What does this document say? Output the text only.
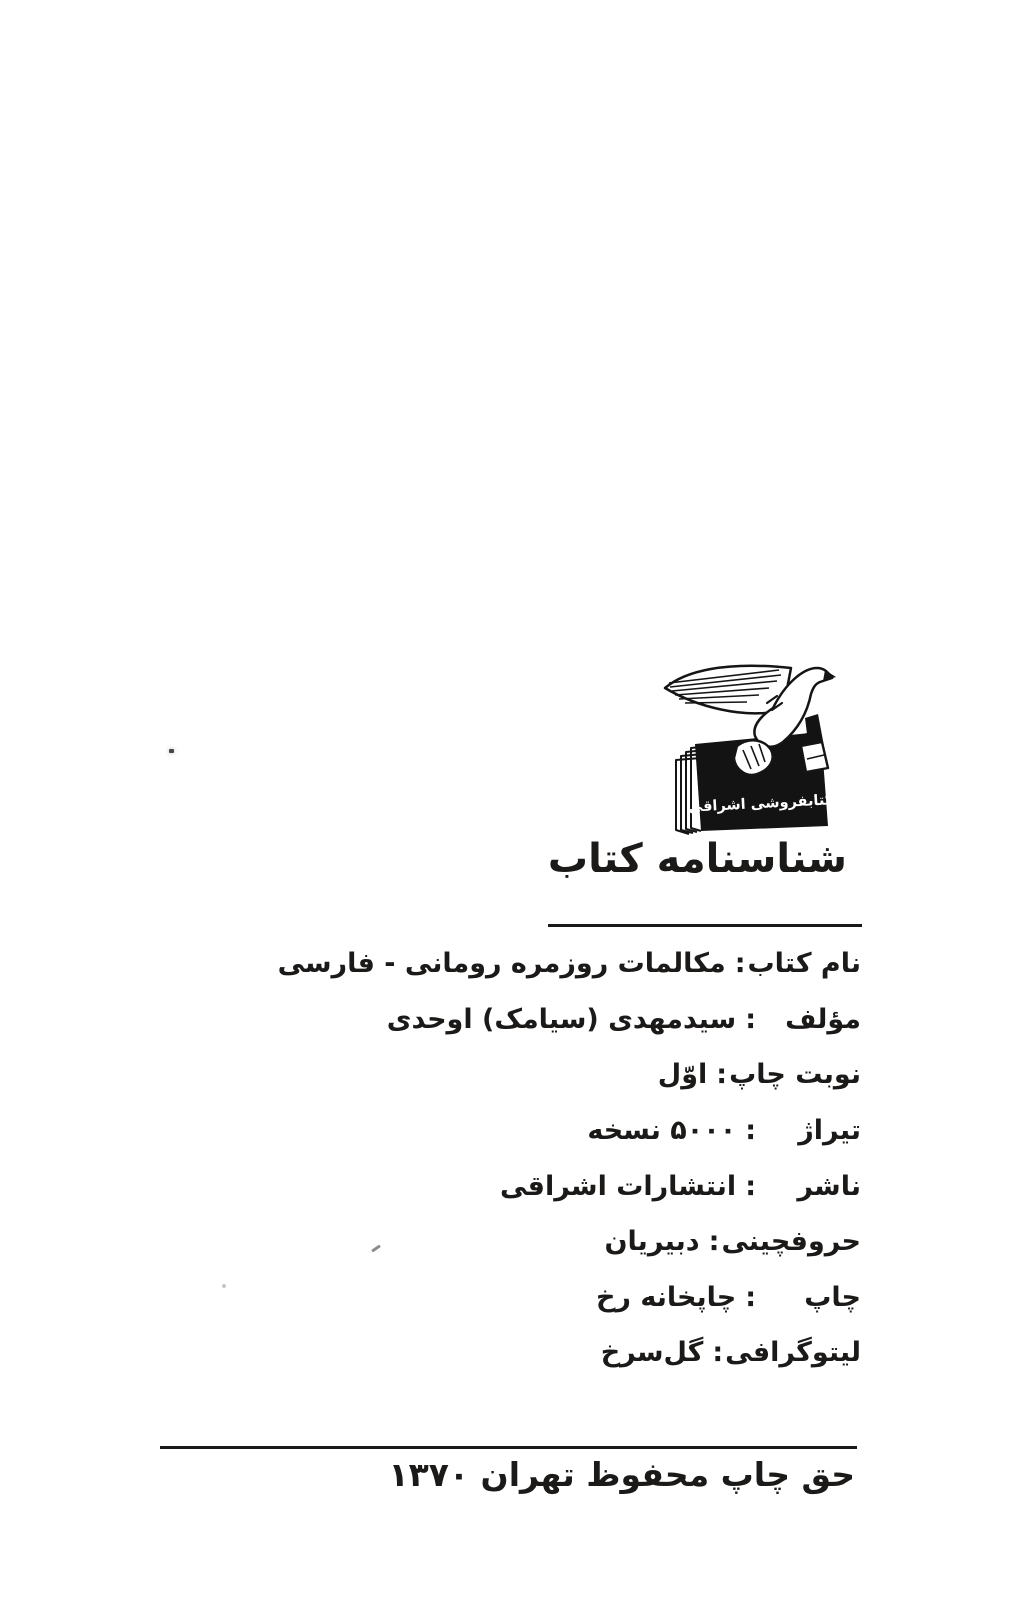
کتابفروشی اشراقی
شناسنامه کتاب
نام کتاب
:
مکالمات روزمره رومانی - فارسی
مؤلف
:
سیدمهدی (سیامک) اوحدی
نوبت چاپ
:
اوّل
تیراژ
:
۵۰۰۰ نسخه
ناشر
:
انتشارات اشراقی
حروفچینی
:
دبیریان
چاپ
:
چاپخانه رخ
لیتوگرافی
:
گل‌سرخ
حق چاپ محفوظ تهران ۱۳۷۰
